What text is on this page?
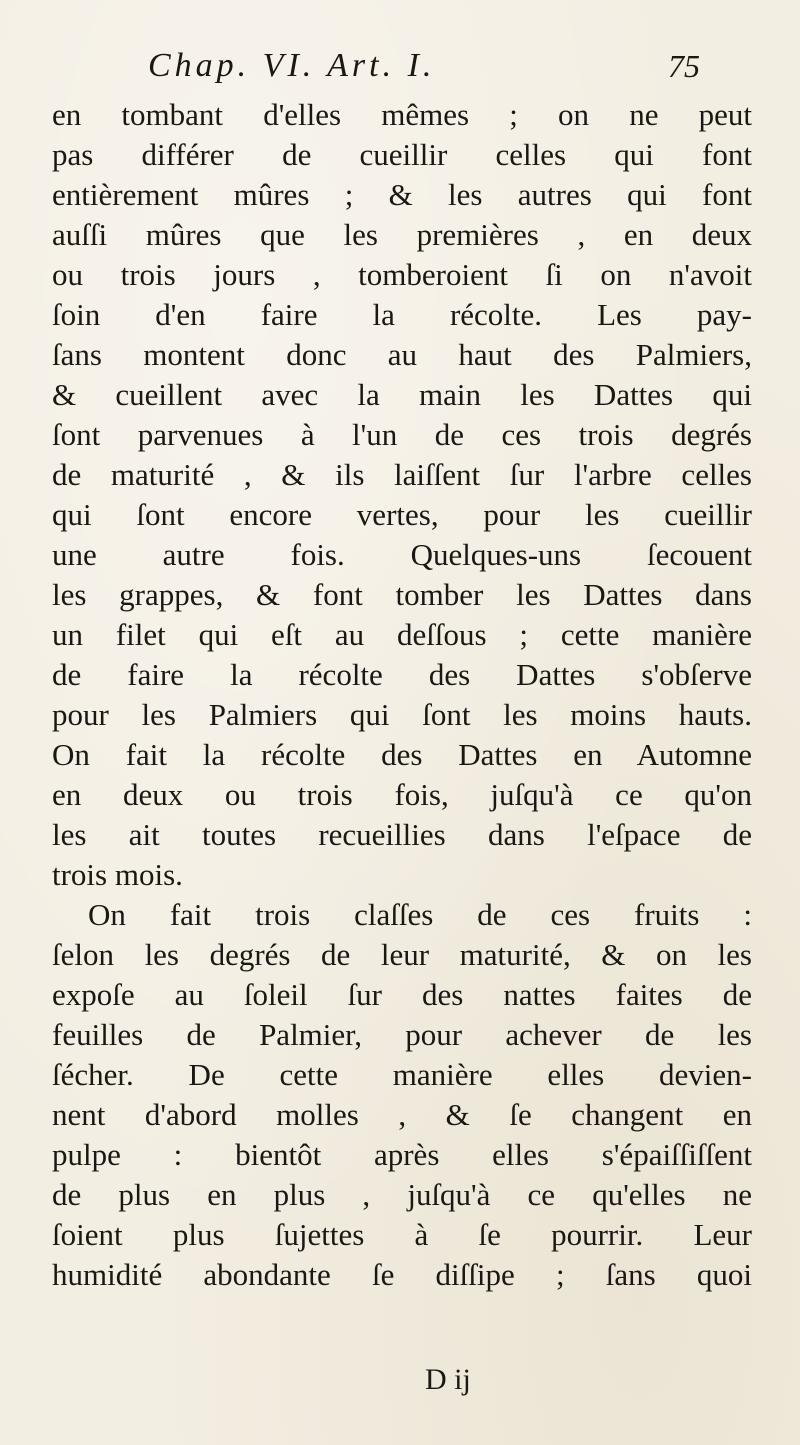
Chap. VI. Art. I.	75
en tombant d'elles mêmes ; on ne peut
pas différer de cueillir celles qui font
entièrement mûres ; & les autres qui font
auſſi mûres que les premières , en deux
ou trois jours , tomberoient ſi on n'avoit
ſoin d'en faire la récolte. Les pay-
ſans montent donc au haut des Palmiers,
& cueillent avec la main les Dattes qui
ſont parvenues à l'un de ces trois degrés
de maturité , & ils laiſſent ſur l'arbre celles
qui ſont encore vertes, pour les cueillir
une autre fois. Quelques-uns ſecouent
les grappes, & font tomber les Dattes dans
un filet qui eſt au deſſous ; cette manière
de faire la récolte des Dattes s'obſerve
pour les Palmiers qui ſont les moins hauts.
On fait la récolte des Dattes en Automne
en deux ou trois fois, juſqu'à ce qu'on
les ait toutes recueillies dans l'eſpace de
trois mois.
On fait trois claſſes de ces fruits :
ſelon les degrés de leur maturité, & on les
expoſe au ſoleil ſur des nattes faites de
feuilles de Palmier, pour achever de les
ſécher. De cette manière elles devien-
nent d'abord molles , & ſe changent en
pulpe : bientôt après elles s'épaiſſiſſent
de plus en plus , juſqu'à ce qu'elles ne
ſoient plus ſujettes à ſe pourrir. Leur
humidité abondante ſe diſſipe ; ſans quoi
D ij
